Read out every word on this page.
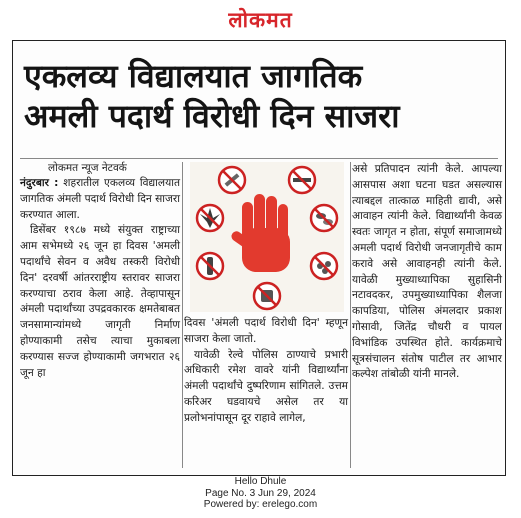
लोकमत
एकलव्य विद्यालयात जागतिक
अमली पदार्थ विरोधी दिन साजरा
लोकमत न्यूज नेटवर्क

नंदुरबार : शहरातील एकलव्य विद्यालयात जागतिक अंमली पदार्थ विरोधी दिन साजरा करण्यात आला.

डिसेंबर १९८७ मध्ये संयुक्त राष्ट्राच्या आम सभेमध्ये २६ जून हा दिवस 'अमली पदार्थांचे सेवन व अवैध तस्करी विरोधी दिन' दरवर्षी आंतरराष्ट्रीय स्तरावर साजरा करण्याचा ठराव केला आहे. तेव्हापासून अंमली पदार्थांच्या उपद्रवकारक क्षमतेबाबत जनसामान्यांमध्ये जागृती निर्माण होण्याकामी तसेच त्याचा मुकाबला करण्यास सज्ज होण्याकामी जगभरात २६ जून हा

दिवस 'अंमली पदार्थ विरोधी दिन' म्हणून साजरा केला जातो.

यावेळी रेल्वे पोलिस ठाण्याचे प्रभारी अधिकारी रमेश वावरे यांनी विद्यार्थ्यांना अंमली पदार्थांचे दुष्परिणाम सांगितले. उत्तम करिअर घडवायचे असेल तर या प्रलोभनांपासून दूर राहावे लागेल,

असे प्रतिपादन त्यांनी केले. आपल्या आसपास अशा घटना घडत असल्यास त्याबद्दल तात्काळ माहिती द्यावी, असे आवाहन त्यांनी केले. विद्यार्थ्यांनी केवळ स्वतः जागृत न होता, संपूर्ण समाजामध्ये अमली पदार्थ विरोधी जनजागृतीचे काम करावे असे आवाहनही त्यांनी केले. यावेळी मुख्याध्यापिका सुहासिनी नटावदकर, उपमुख्याध्यापिका शैलजा कापडिया, पोलिस अंमलदार प्रकाश गोसावी, जितेंद्र चौधरी व पायल विभांडिक उपस्थित होते. कार्यक्रमाचे सूत्रसंचालन संतोष पाटील तर आभार कल्पेश तांबोळी यांनी मानले.

Hello Dhule
Page No. 3 Jun 29, 2024
Powered by: erelego.com
